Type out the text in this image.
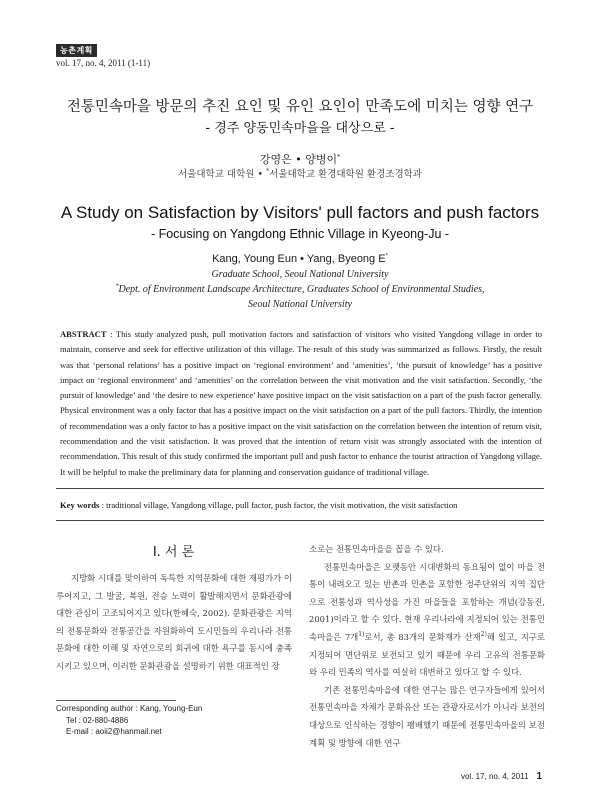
농촌계획
vol. 17, no. 4, 2011 (1-11)
전통민속마을 방문의 추진 요인 및 유인 요인이 만족도에 미치는 영향 연구
- 경주 양동민속마을을 대상으로 -
강영은 • 양병이*
서울대학교 대학원 • *서울대학교 환경대학원 환경조경학과
A Study on Satisfaction by Visitors' pull factors and push factors
- Focusing on Yangdong Ethnic Village in Kyeong-Ju -
Kang, Young Eun • Yang, Byeong E*
Graduate School, Seoul National University
*Dept. of Environment Landscape Architecture, Graduates School of Environmental Studies,
Seoul National University
ABSTRACT : This study analyzed push, pull motivation factors and satisfaction of visitors who visited Yangdong village in order to maintain, conserve and seek for effective utilization of this village. The result of this study was summarized as follows. Firstly, the result was that ‘personal relations’ has a positive impact on ‘regional environment’ and ‘amenities’, ‘the pursuit of knowledge’ has a positive impact on ‘regional environment’ and ‘amenities’ on the correlation between the visit motivation and the visit satisfaction. Secondly, ‘the pursuit of knowledge’ and ‘the desire to new experience’ have positive impact on the visit satisfaction on a part of the push factor generally. Physical environment was a only factor that has a positive impact on the visit satisfaction on a part of the pull factors. Thirdly, the intention of recommendation was a only factor to has a positive impact on the visit satisfaction on the correlation between the intention of return visit, recommendation and the visit satisfaction. It was proved that the intention of return visit was strongly associated with the intention of recommendation. This result of this study confirmed the important pull and push factor to enhance the tourist attraction of Yangdong village. It will be helpful to make the preliminary data for planning and conservation guidance of traditional village.
Key words : traditional village, Yangdong village, pull factor, push factor, the visit motivation, the visit satisfaction
Ⅰ. 서 론

지방화 시대를 맞이하여 독특한 지역문화에 대한 재평가가 이루어지고, 그 발굴, 복원, 전승 노력이 활발해지면서 문화관광에 대한 관심이 고조되어지고 있다(한혜숙, 2002). 문화관광은 지역의 전통문화와 전통공간을 자원화하여 도시민들의 우리나라 전통 문화에 대한 이해 및 자연으로의 회귀에 대한 욕구를 동시에 충족시키고 있으며, 이러한 문화관광을 설명하기 위한 대표적인 장

소로는 전통민속마을을 꼽을 수 있다.

전통민속마을은 오랫동안 시대변화의 동요됨이 없이 마을 전통이 내려오고 있는 반촌과 민촌을 포함한 정주단위의 지역 집단으로 전통성과 역사성을 가진 마을들을 포함하는 개념(강동진, 2001)이라고 할 수 있다. 현재 우리나라에 지정되어 있는 전통민속마을은 7개$^{1)}$로서, 총 83개의 문화재가 산재$^{2)}$해 있고, 지구로 지정되어 면단위로 보전되고 있기 때문에 우리 고유의 전통문화와 우리 민족의 역사를 여실히 대변하고 있다고 할 수 있다.

기존 전통민속마을에 대한 연구는 많은 연구자들에게 있어서 전통민속마을 자체가 문화유산 또는 관광자로서가 아니라 보전의 대상으로 인식하는 경향이 팽배했기 때문에 전통민속마을의 보전 계획 및 방향에 대한 연구

Corresponding author : Kang, Young-Eun
Tel : 02-880-4886
E-mail : aoii2@hanmail.net
vol. 17, no. 4, 2011 1
